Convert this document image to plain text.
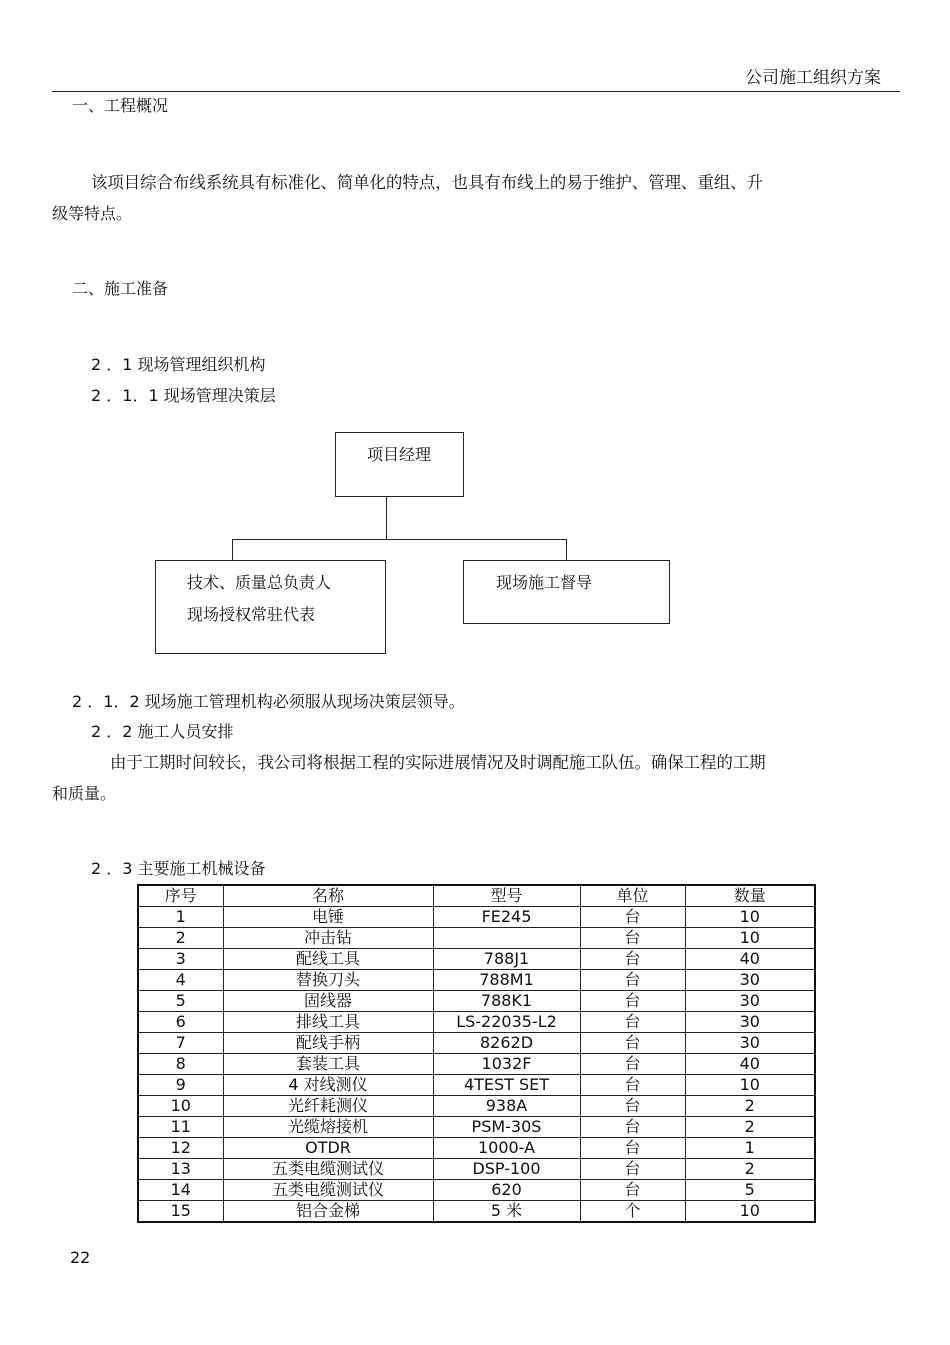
公司施工组织方案
一、工程概况
该项目综合布线系统具有标准化、简单化的特点，也具有布线上的易于维护、管理、重组、升
级等特点。
二、施工准备
2 ．1 现场管理组织机构
2 ．1．1 现场管理决策层
项目经理
技术、质量总负责人
现场授权常驻代表
现场施工督导
2 ．1．2 现场施工管理机构必须服从现场决策层领导。
2 ．2 施工人员安排
由于工期时间较长，我公司将根据工程的实际进展情况及时调配施工队伍。确保工程的工期
和质量。
2 ．3 主要施工机械设备
序号	名称	型号	单位	数量
1	电锤	FE245	台	10
2	冲击钻		台	10
3	配线工具	788J1	台	40
4	替换刀头	788M1	台	30
5	固线器	788K1	台	30
6	排线工具	LS-22035-L2	台	30
7	配线手柄	8262D	台	30
8	套装工具	1032F	台	40
9	4 对线测仪	4TEST SET	台	10
10	光纤耗测仪	938A	台	2
11	光缆熔接机	PSM-30S	台	2
12	OTDR	1000-A	台	1
13	五类电缆测试仪	DSP-100	台	2
14	五类电缆测试仪	620	台	5
15	铝合金梯	5 米	个	10
22
